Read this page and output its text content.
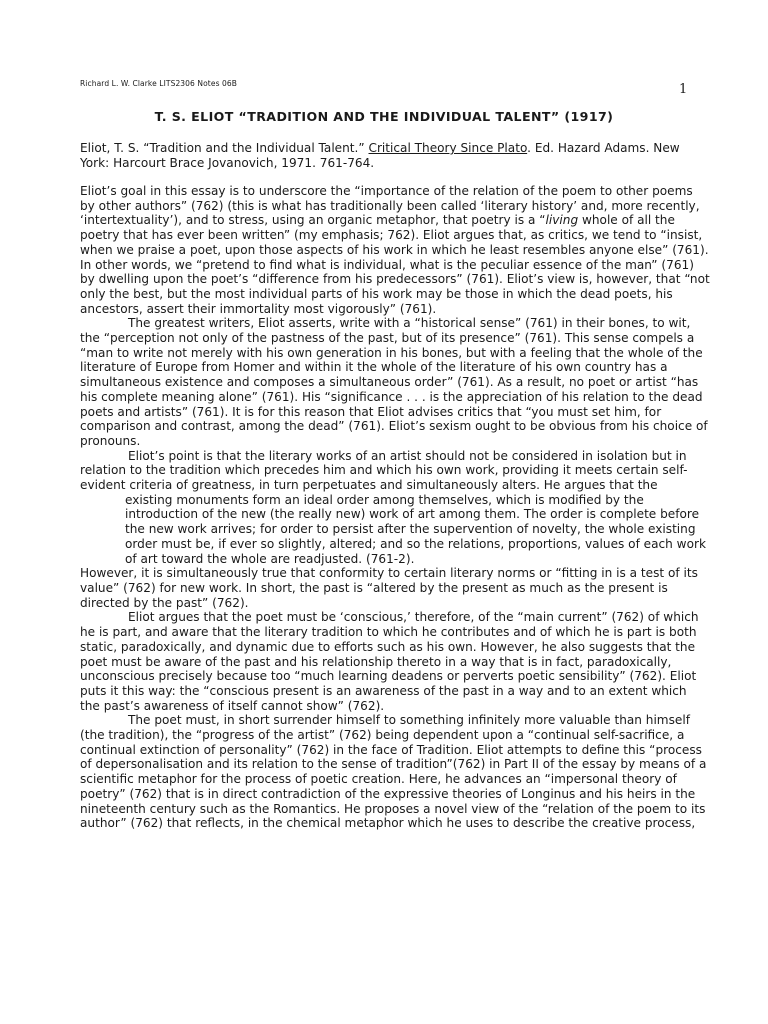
Richard L. W. Clarke LITS2306 Notes 06B	1
T. S. ELIOT “TRADITION AND THE INDIVIDUAL TALENT” (1917)
Eliot, T. S. “Tradition and the Individual Talent.” Critical Theory Since Plato. Ed. Hazard Adams. New York: Harcourt Brace Jovanovich, 1971. 761-764.

Eliot’s goal in this essay is to underscore the “importance of the relation of the poem to other poems by other authors” (762) (this is what has traditionally been called ‘literary history’ and, more recently, ‘intertextuality’), and to stress, using an organic metaphor, that poetry is a “living whole of all the poetry that has ever been written” (my emphasis; 762). Eliot argues that, as critics, we tend to “insist, when we praise a poet, upon those aspects of his work in which he least resembles anyone else” (761). In other words, we “pretend to find what is individual, what is the peculiar essence of the man” (761) by dwelling upon the poet’s “difference from his predecessors” (761). Eliot’s view is, however, that “not only the best, but the most individual parts of his work may be those in which the dead poets, his ancestors, assert their immortality most vigorously” (761).

The greatest writers, Eliot asserts, write with a “historical sense” (761) in their bones, to wit, the “perception not only of the pastness of the past, but of its presence” (761). This sense compels a “man to write not merely with his own generation in his bones, but with a feeling that the whole of the literature of Europe from Homer and within it the whole of the literature of his own country has a simultaneous existence and composes a simultaneous order” (761). As a result, no poet or artist “has his complete meaning alone” (761). His “significance . . . is the appreciation of his relation to the dead poets and artists” (761). It is for this reason that Eliot advises critics that “you must set him, for comparison and contrast, among the dead” (761). Eliot’s sexism ought to be obvious from his choice of pronouns.

Eliot’s point is that the literary works of an artist should not be considered in isolation but in relation to the tradition which precedes him and which his own work, providing it meets certain self-evident criteria of greatness, in turn perpetuates and simultaneously alters. He argues that the

existing monuments form an ideal order among themselves, which is modified by the introduction of the new (the really new) work of art among them. The order is complete before the new work arrives; for order to persist after the supervention of novelty, the whole existing order must be, if ever so slightly, altered; and so the relations, proportions, values of each work of art toward the whole are readjusted. (761-2).

However, it is simultaneously true that conformity to certain literary norms or “fitting in is a test of its value” (762) for new work. In short, the past is “altered by the present as much as the present is directed by the past” (762).

Eliot argues that the poet must be ‘conscious,’ therefore, of the “main current” (762) of which he is part, and aware that the literary tradition to which he contributes and of which he is part is both static, paradoxically, and dynamic due to efforts such as his own. However, he also suggests that the poet must be aware of the past and his relationship thereto in a way that is in fact, paradoxically, unconscious precisely because too “much learning deadens or perverts poetic sensibility” (762). Eliot puts it this way: the “conscious present is an awareness of the past in a way and to an extent which the past’s awareness of itself cannot show” (762).

The poet must, in short surrender himself to something infinitely more valuable than himself (the tradition), the “progress of the artist” (762) being dependent upon a “continual self-sacrifice, a continual extinction of personality” (762) in the face of Tradition. Eliot attempts to define this “process of depersonalisation and its relation to the sense of tradition”(762) in Part II of the essay by means of a scientific metaphor for the process of poetic creation. Here, he advances an “impersonal theory of poetry” (762) that is in direct contradiction of the expressive theories of Longinus and his heirs in the nineteenth century such as the Romantics. He proposes a novel view of the “relation of the poem to its author” (762) that reflects, in the chemical metaphor which he uses to describe the creative process,
